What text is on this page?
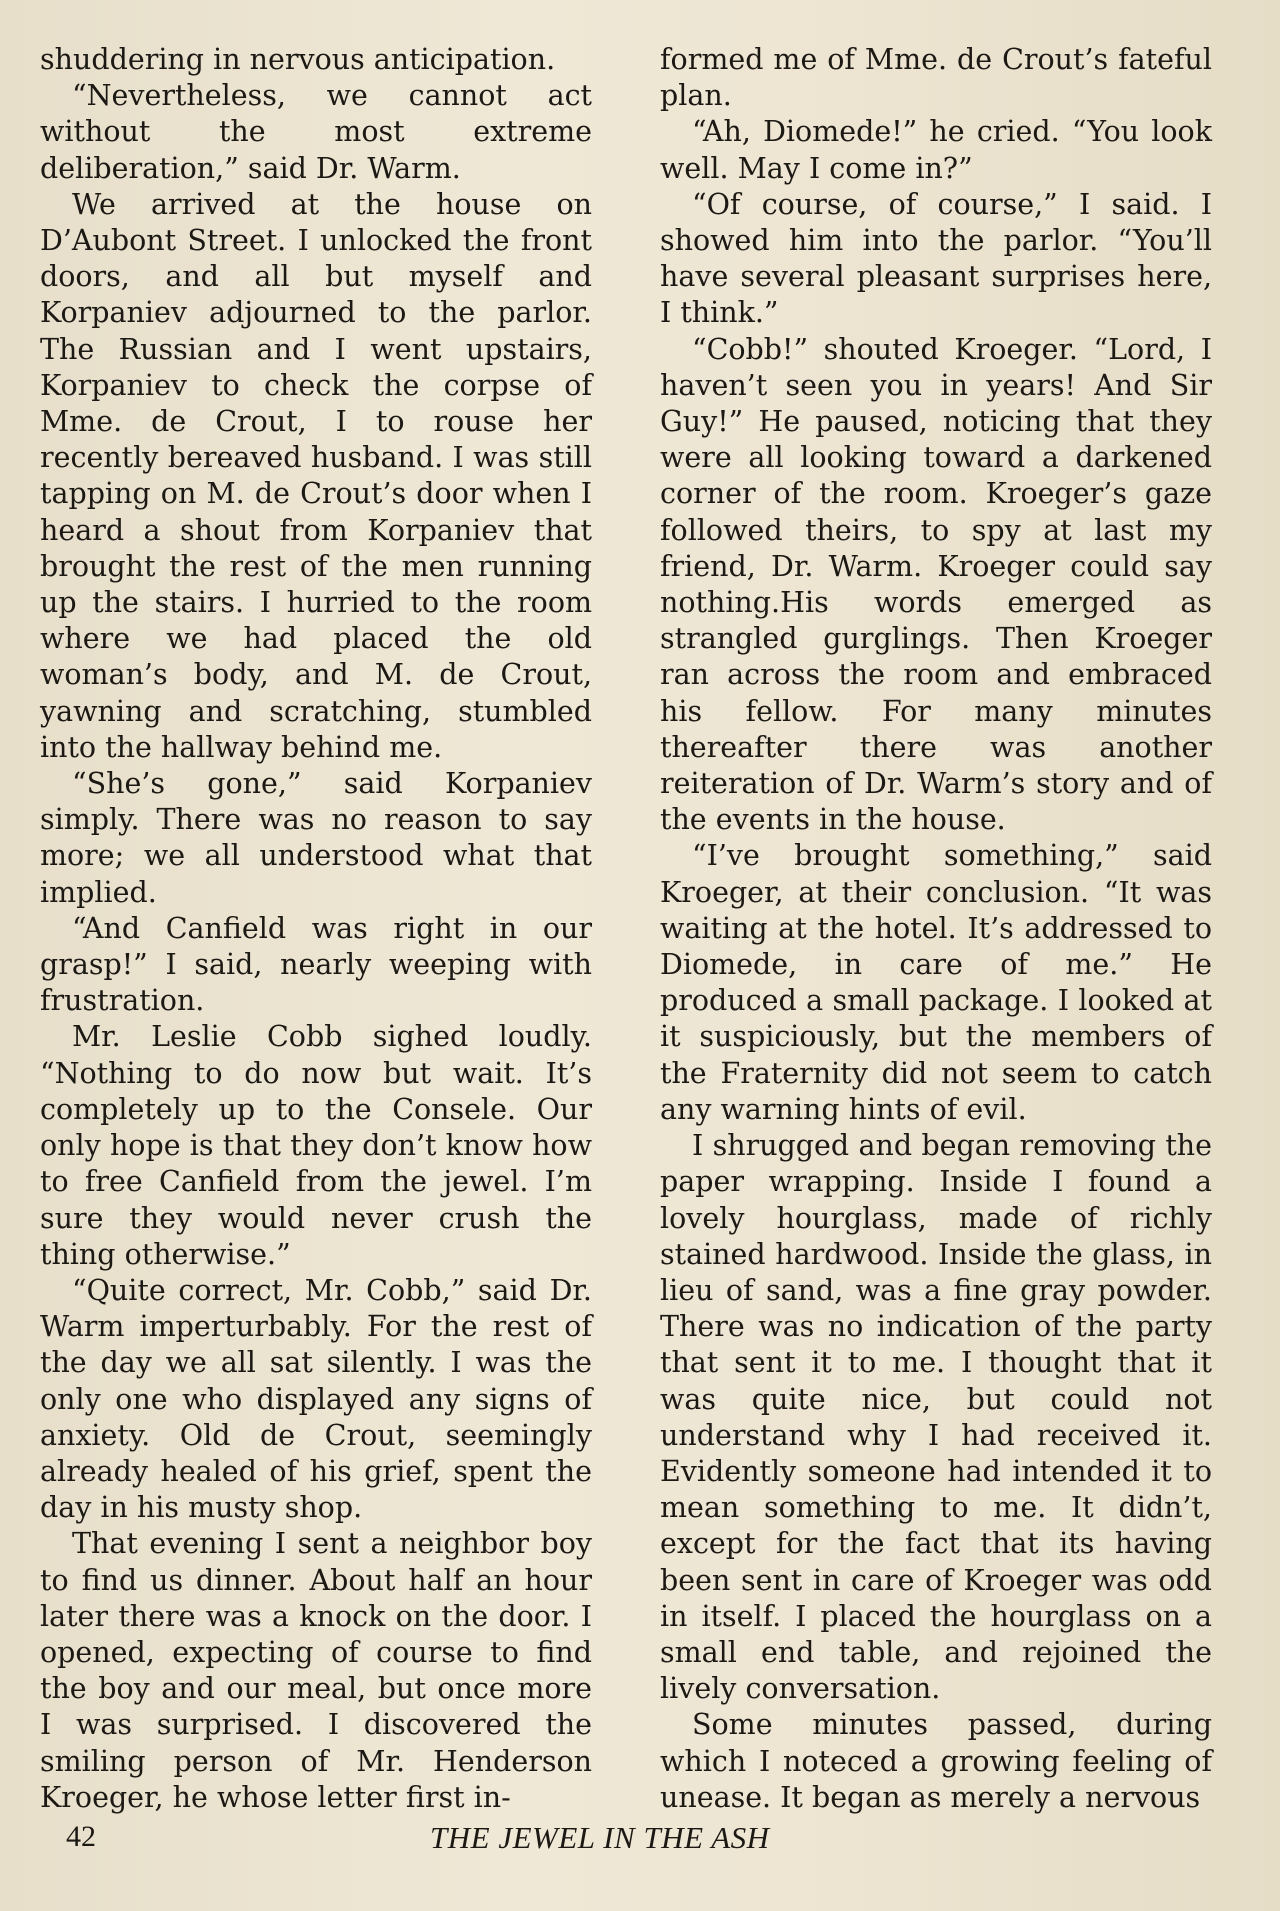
shuddering in nervous anticipation.

“Nevertheless, we cannot act without the most extreme deliberation,” said Dr. Warm.

We arrived at the house on D’Aubont Street. I unlocked the front doors, and all but myself and Korpaniev adjourned to the parlor. The Russian and I went upstairs, Korpaniev to check the corpse of Mme. de Crout, I to rouse her recently bereaved husband. I was still tapping on M. de Crout’s door when I heard a shout from Korpaniev that brought the rest of the men running up the stairs. I hurried to the room where we had placed the old woman’s body, and M. de Crout, yawning and scratching, stumbled into the hallway behind me.

“She’s gone,” said Korpaniev simply. There was no reason to say more; we all understood what that implied.

“And Canfield was right in our grasp!” I said, nearly weeping with frustration.

Mr. Leslie Cobb sighed loudly. “Nothing to do now but wait. It’s completely up to the Consele. Our only hope is that they don’t know how to free Canfield from the jewel. I’m sure they would never crush the thing otherwise.”

“Quite correct, Mr. Cobb,” said Dr. Warm imperturbably. For the rest of the day we all sat silently. I was the only one who displayed any signs of anxiety. Old de Crout, seemingly already healed of his grief, spent the day in his musty shop.

That evening I sent a neighbor boy to find us dinner. About half an hour later there was a knock on the door. I opened, expecting of course to find the boy and our meal, but once more I was surprised. I discovered the smiling person of Mr. Henderson Kroeger, he whose letter first in-

formed me of Mme. de Crout’s fateful plan.

“Ah, Diomede!” he cried. “You look well. May I come in?”

“Of course, of course,” I said. I showed him into the parlor. “You’ll have several pleasant surprises here, I think.”

“Cobb!” shouted Kroeger. “Lord, I haven’t seen you in years! And Sir Guy!” He paused, noticing that they were all looking toward a darkened corner of the room. Kroeger’s gaze followed theirs, to spy at last my friend, Dr. Warm. Kroeger could say nothing.His words emerged as strangled gurglings. Then Kroeger ran across the room and embraced his fellow. For many minutes thereafter there was another reiteration of Dr. Warm’s story and of the events in the house.

“I’ve brought something,” said Kroeger, at their conclusion. “It was waiting at the hotel. It’s addressed to Diomede, in care of me.” He produced a small package. I looked at it suspiciously, but the members of the Fraternity did not seem to catch any warning hints of evil.

I shrugged and began removing the paper wrapping. Inside I found a lovely hourglass, made of richly stained hardwood. Inside the glass, in lieu of sand, was a fine gray powder. There was no indication of the party that sent it to me. I thought that it was quite nice, but could not understand why I had received it. Evidently someone had intended it to mean something to me. It didn’t, except for the fact that its having been sent in care of Kroeger was odd in itself. I placed the hourglass on a small end table, and rejoined the lively conversation.

Some minutes passed, during which I noteced a growing feeling of unease. It began as merely a nervous

42	THE JEWEL IN THE ASH
